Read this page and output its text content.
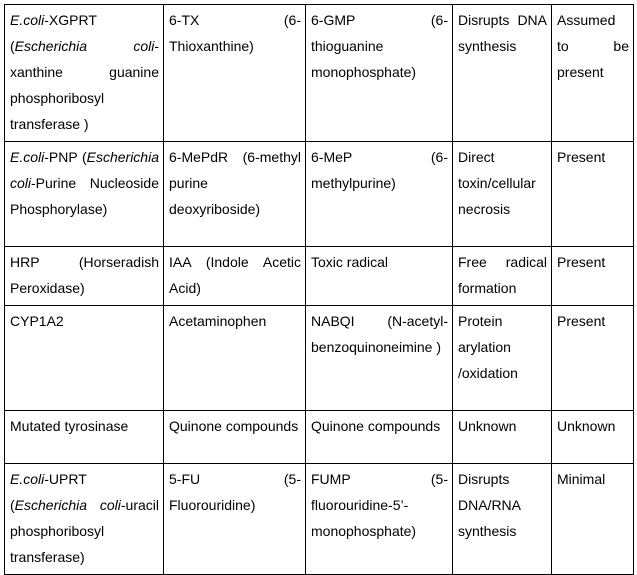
E.coli-XGPRT (Escherichia coli-xanthine guanine phosphoribosyl transferase )	6-TX (6-Thioxanthine)	6-GMP (6-thioguanine monophosphate)	Disrupts DNA synthesis	Assumed to be present
E.coli-PNP (Escherichia coli-Purine Nucleoside Phosphorylase)	6-MePdR (6-methyl purine deoxyriboside)	6-MeP (6-methylpurine)	Direct toxin/cellular necrosis	Present
HRP (Horseradish Peroxidase)	IAA (Indole Acetic Acid)	Toxic radical	Free radical formation	Present
CYP1A2	Acetaminophen	NABQI (N-acetyl-benzoquinoneimine )	Protein arylation /oxidation	Present
Mutated tyrosinase	Quinone compounds	Quinone compounds	Unknown	Unknown
E.coli-UPRT (Escherichia coli-uracil phosphoribosyl transferase)	5-FU (5-Fluorouridine)	FUMP (5-fluorouridine-5’-monophosphate)	Disrupts DNA/RNA synthesis	Minimal
